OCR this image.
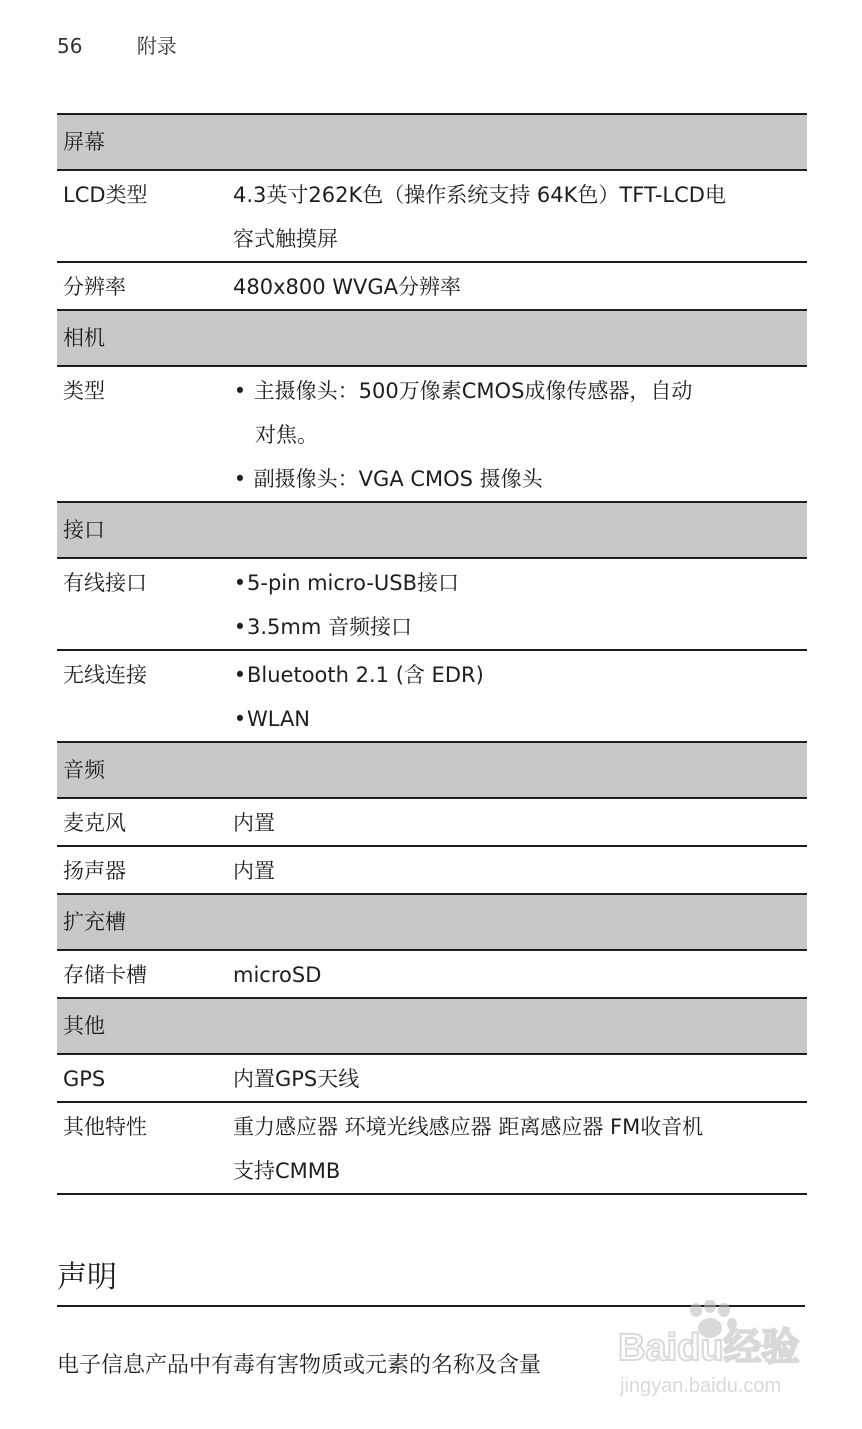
56	附录
屏幕
LCD类型	4.3英寸262K色（操作系统支持 64K色）TFT-LCD电
容式触摸屏
分辨率	480x800 WVGA分辨率
相机
类型	• 主摄像头：500万像素CMOS成像传感器，自动
对焦。
• 副摄像头：VGA CMOS 摄像头
接口
有线接口	•5-pin micro-USB接口
•3.5mm 音频接口
无线连接	•Bluetooth 2.1 (含 EDR)
•WLAN
音频
麦克风	内置
扬声器	内置
扩充槽
存储卡槽	microSD
其他
GPS	内置GPS天线
其他特性	重力感应器 环境光线感应器 距离感应器 FM收音机
支持CMMB
声明
电子信息产品中有毒有害物质或元素的名称及含量 Baidu经验
jingyan.baidu.com
